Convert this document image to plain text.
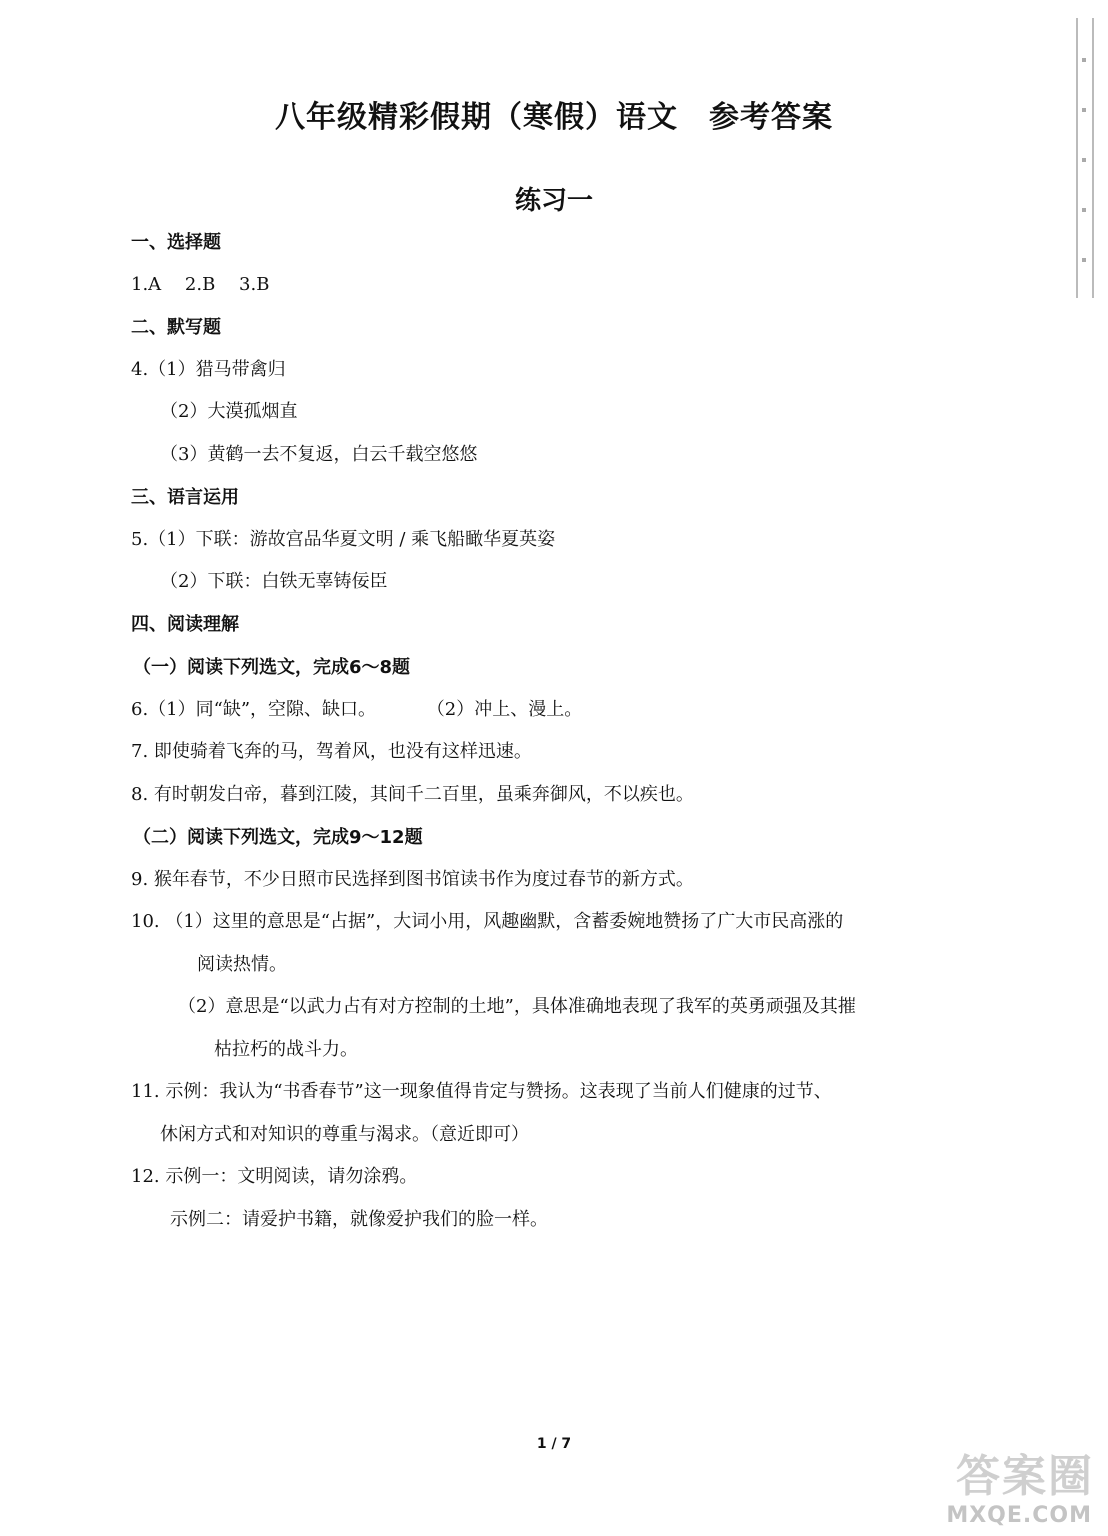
八年级精彩假期（寒假）语文　参考答案
练习一
一、选择题
1.A　 2.B　 3.B
二、默写题
4.（1）猎马带禽归
（2）大漠孤烟直
（3）黄鹤一去不复返，白云千载空悠悠
三、语言运用
5.（1）下联：游故宫品华夏文明 / 乘飞船瞰华夏英姿
（2）下联：白铁无辜铸佞臣
四、阅读理解
（一）阅读下列选文，完成6～8题
6.（1）同“缺”，空隙、缺口。　　　 （2）冲上、漫上。
7. 即使骑着飞奔的马，驾着风，也没有这样迅速。
8. 有时朝发白帝，暮到江陵，其间千二百里，虽乘奔御风，不以疾也。
（二）阅读下列选文，完成9～12题
9. 猴年春节，不少日照市民选择到图书馆读书作为度过春节的新方式。
10. （1）这里的意思是“占据”，大词小用，风趣幽默，含蓄委婉地赞扬了广大市民高涨的
阅读热情。
（2）意思是“以武力占有对方控制的土地”，具体准确地表现了我军的英勇顽强及其摧
枯拉朽的战斗力。
11. 示例：我认为“书香春节”这一现象值得肯定与赞扬。这表现了当前人们健康的过节、
休闲方式和对知识的尊重与渴求。（意近即可）
12. 示例一：文明阅读，请勿涂鸦。
示例二：请爱护书籍，就像爱护我们的脸一样。
1 / 7
答案圈
MXQE.COM
